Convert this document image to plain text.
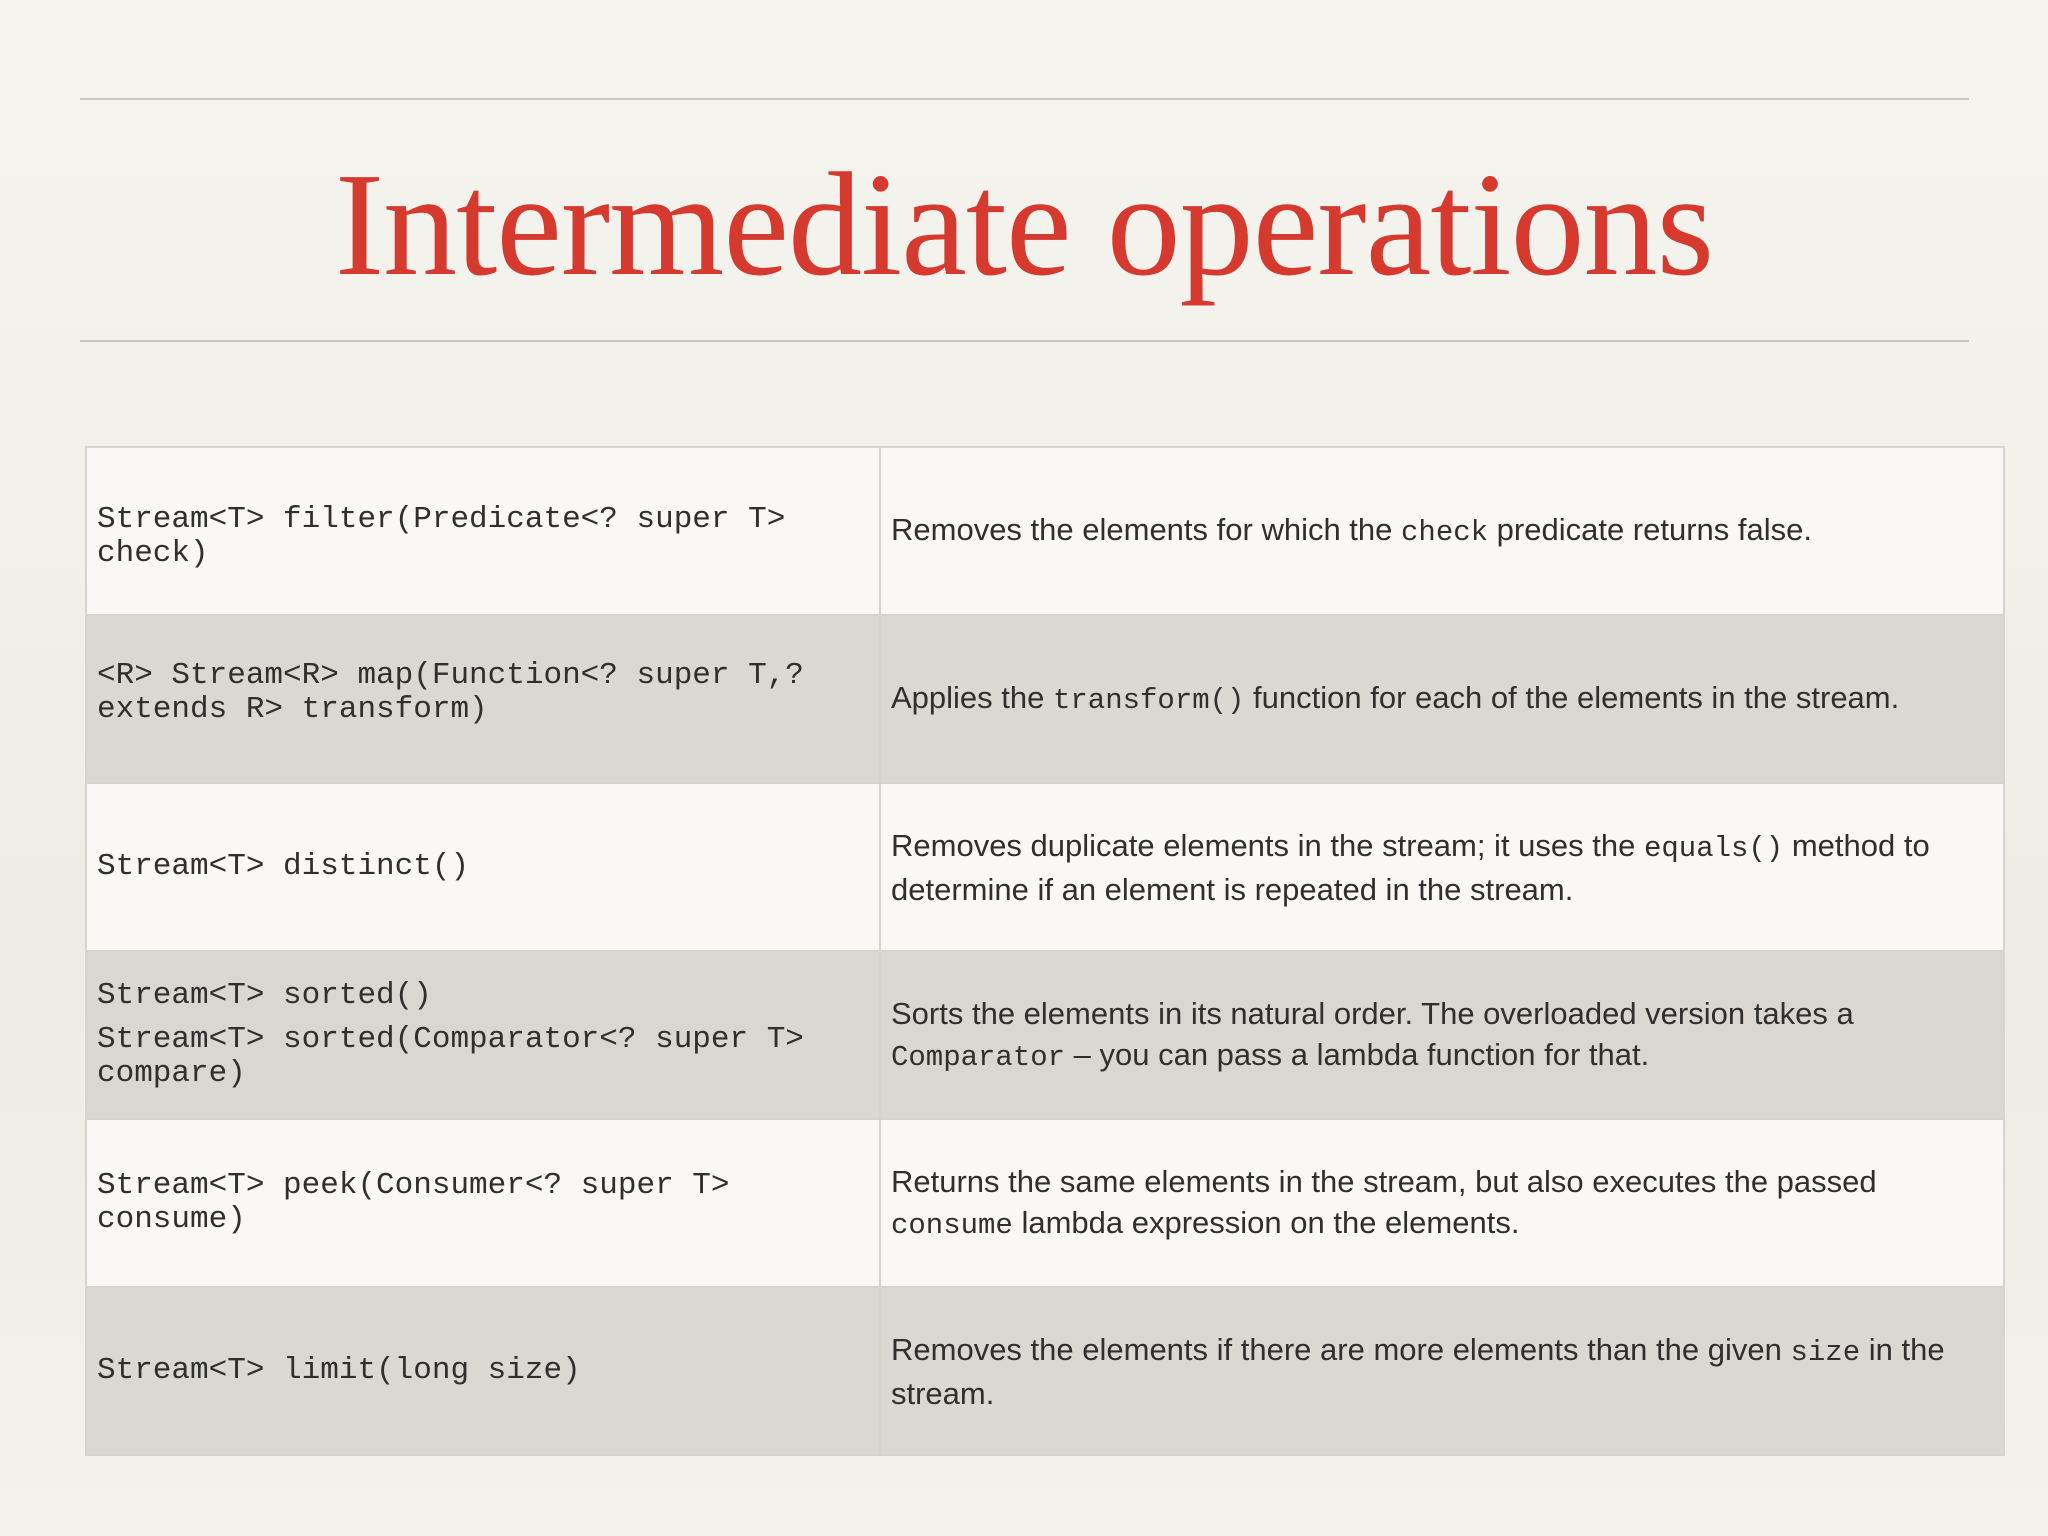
Intermediate operations
Stream<T> filter(Predicate<? super T> check)	Removes the elements for which the check predicate returns false.

<R> Stream<R> map(Function<? super T,? extends R> transform)	Applies the transform() function for each of the elements in the stream.

Stream<T> distinct()	Removes duplicate elements in the stream; it uses the equals() method to determine if an element is repeated in the stream.

Stream<T> sorted()
Stream<T> sorted(Comparator<? super T> compare)	Sorts the elements in its natural order. The overloaded version takes a Comparator – you can pass a lambda function for that.

Stream<T> peek(Consumer<? super T> consume)	Returns the same elements in the stream, but also executes the passed consume lambda expression on the elements.

Stream<T> limit(long size)	Removes the elements if there are more elements than the given size in the stream.
